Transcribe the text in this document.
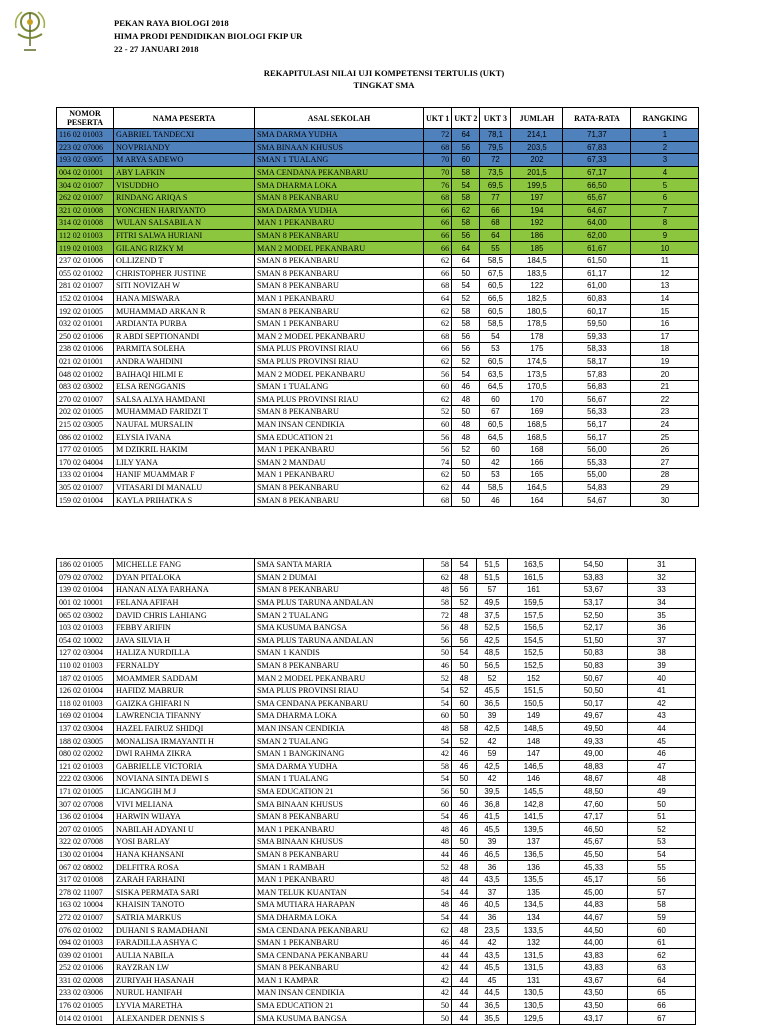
PEKAN RAYA BIOLOGI 2018
HIMA PRODI PENDIDIKAN BIOLOGI FKIP UR
22 - 27 JANUARI 2018
REKAPITULASI NILAI UJI KOMPETENSI TERTULIS (UKT)
TINGKAT SMA
NOMOR PESERTA	NAMA PESERTA	ASAL SEKOLAH	UKT 1	UKT 2	UKT 3	JUMLAH	RATA-RATA	RANGKING
116 02 01003	GABRIEL TANDECXI	SMA DARMA YUDHA	72	64	78,1	214,1	71,37	1
223 02 07006	NOVPRIANDY	SMA BINAAN KHUSUS	68	56	79,5	203,5	67,83	2
193 02 03005	M ARYA SADEWO	SMAN 1 TUALANG	70	60	72	202	67,33	3
004 02 01001	ABY LAFKIN	SMA CENDANA PEKANBARU	70	58	73,5	201,5	67,17	4
304 02 01007	VISUDDHO	SMA DHARMA LOKA	76	54	69,5	199,5	66,50	5
262 02 01007	RINDANG ARIQA S	SMAN 8 PEKANBARU	68	58	77	197	65,67	6
321 02 01008	YONCHEN HARIYANTO	SMA DARMA YUDHA	66	62	66	194	64,67	7
314 02 01008	WULAN SALSABILA N	MAN 1 PEKANBARU	66	58	68	192	64,00	8
112 02 01003	FITRI SALWA HURIANI	SMAN 8 PEKANBARU	66	56	64	186	62,00	9
119 02 01003	GILANG RIZKY M	MAN 2 MODEL PEKANBARU	66	64	55	185	61,67	10
237 02 01006	OLLIZEND T	SMAN 8 PEKANBARU	62	64	58,5	184,5	61,50	11
055 02 01002	CHRISTOPHER JUSTINE	SMAN 8 PEKANBARU	66	50	67,5	183,5	61,17	12
281 02 01007	SITI NOVIZAH W	SMAN 8 PEKANBARU	68	54	60,5	122	61,00	13
152 02 01004	HANA MISWARA	MAN 1 PEKANBARU	64	52	66,5	182,5	60,83	14
192 02 01005	MUHAMMAD ARKAN R	SMAN 8 PEKANBARU	62	58	60,5	180,5	60,17	15
032 02 01001	ARDIANTA PURBA	SMAN 1 PEKANBARU	62	58	58,5	178,5	59,50	16
250 02 01006	R ABDI SEPTIONANDI	MAN 2 MODEL PEKANBARU	68	56	54	178	59,33	17
238 02 01006	PARMITA SOLEHA	SMA PLUS PROVINSI RIAU	66	56	53	175	58,33	18
021 02 01001	ANDRA WAHDINI	SMA PLUS PROVINSI RIAU	62	52	60,5	174,5	58,17	19
048 02 01002	BAIHAQI HILMI E	MAN 2 MODEL PEKANBARU	56	54	63,5	173,5	57,83	20
083 02 03002	ELSA RENGGANIS	SMAN 1 TUALANG	60	46	64,5	170,5	56,83	21
270 02 01007	SALSA ALYA HAMDANI	SMA PLUS PROVINSI RIAU	62	48	60	170	56,67	22
202 02 01005	MUHAMMAD FARIDZI T	SMAN 8 PEKANBARU	52	50	67	169	56,33	23
215 02 03005	NAUFAL MURSALIN	MAN INSAN CENDIKIA	60	48	60,5	168,5	56,17	24
086 02 01002	ELYSIA IVANA	SMA EDUCATION 21	56	48	64,5	168,5	56,17	25
177 02 01005	M DZIKRIL HAKIM	MAN 1 PEKANBARU	56	52	60	168	56,00	26
170 02 04004	LILY YANA	SMAN 2 MANDAU	74	50	42	166	55,33	27
133 02 01004	HANIF MUAMMAR F	MAN 1 PEKANBARU	62	50	53	165	55,00	28
305 02 01007	VITASARI DI MANALU	SMAN 8 PEKANBARU	62	44	58,5	164,5	54,83	29
159 02 01004	KAYLA PRIHATKA S	SMAN 8 PEKANBARU	68	50	46	164	54,67	30
186 02 01005	MICHELLE FANG	SMA SANTA MARIA	58	54	51,5	163,5	54,50	31
079 02 07002	DYAN PITALOKA	SMAN 2 DUMAI	62	48	51,5	161,5	53,83	32
139 02 01004	HANAN ALYA FARHANA	SMAN 8 PEKANBARU	48	56	57	161	53,67	33
001 02 10001	FELANA AFIFAH	SMA PLUS TARUNA ANDALAN	58	52	49,5	159,5	53,17	34
065 02 03002	DAVID CHRIS LAHIANG	SMAN 2 TUALANG	72	48	37,5	157,5	52,50	35
103 02 01003	FEBBY ARIFIN	SMA KUSUMA BANGSA	56	48	52,5	156,5	52,17	36
054 02 10002	JAVA SILVIA H	SMA PLUS TARUNA ANDALAN	56	56	42,5	154,5	51,50	37
127 02 03004	HALIZA NURDILLA	SMAN 1 KANDIS	50	54	48,5	152,5	50,83	38
110 02 01003	FERNALDY	SMAN 8 PEKANBARU	46	50	56,5	152,5	50,83	39
187 02 01005	MOAMMER SADDAM	MAN 2 MODEL PEKANBARU	52	48	52	152	50,67	40
126 02 01004	HAFIDZ MABRUR	SMA PLUS PROVINSI RIAU	54	52	45,5	151,5	50,50	41
118 02 01003	GAIZKA GHIFARI N	SMA CENDANA PEKANBARU	54	60	36,5	150,5	50,17	42
169 02 01004	LAWRENCIA TIFANNY	SMA DHARMA LOKA	60	50	39	149	49,67	43
137 02 03004	HAZEL FAIRUZ SHIDQI	MAN INSAN CENDIKIA	48	58	42,5	148,5	49,50	44
188 02 03005	MONALISA IRMAYANTI H	SMAN 2 TUALANG	54	52	42	148	49,33	45
080 02 02002	DWI RAHMA ZIKRA	SMAN 1 BANGKINANG	42	46	59	147	49,00	46
121 02 01003	GABRIELLE VICTORIA	SMA DARMA YUDHA	58	46	42,5	146,5	48,83	47
222 02 03006	NOVIANA SINTA DEWI S	SMAN 1 TUALANG	54	50	42	146	48,67	48
171 02 01005	LICANGGIH M J	SMA EDUCATION 21	56	50	39,5	145,5	48,50	49
307 02 07008	VIVI MELIANA	SMA BINAAN KHUSUS	60	46	36,8	142,8	47,60	50
136 02 01004	HARWIN WIJAYA	SMAN 8 PEKANBARU	54	46	41,5	141,5	47,17	51
207 02 01005	NABILAH ADYANI U	MAN 1 PEKANBARU	48	46	45,5	139,5	46,50	52
322 02 07008	YOSI BARLAY	SMA BINAAN KHUSUS	48	50	39	137	45,67	53
130 02 01004	HANA KHANSANI	SMAN 8 PEKANBARU	44	46	46,5	136,5	45,50	54
067 02 08002	DELFITRA ROSA	SMAN 1 RAMBAH	52	48	36	136	45,33	55
317 02 01008	ZARAH FARHAINI	MAN 1 PEKANBARU	48	44	43,5	135,5	45,17	56
278 02 11007	SISKA PERMATA SARI	MAN TELUK KUANTAN	54	44	37	135	45,00	57
163 02 10004	KHAISIN TANOTO	SMA MUTIARA HARAPAN	48	46	40,5	134,5	44,83	58
272 02 01007	SATRIA MARKUS	SMA DHARMA LOKA	54	44	36	134	44,67	59
076 02 01002	DUHANI S RAMADHANI	SMA CENDANA PEKANBARU	62	48	23,5	133,5	44,50	60
094 02 01003	FARADILLA ASHYA C	SMAN 1 PEKANBARU	46	44	42	132	44,00	61
039 02 01001	AULIA NABILA	SMA CENDANA PEKANBARU	44	44	43,5	131,5	43,83	62
252 02 01006	RAYZRAN LW	SMAN 8 PEKANBARU	42	44	45,5	131,5	43,83	63
331 02 02008	ZURIYAH HASANAH	MAN 1 KAMPAR	42	44	45	131	43,67	64
233 02 03006	NURUL HANIFAH	MAN INSAN CENDIKIA	42	44	44,5	130,5	43,50	65
176 02 01005	LYVIA MARETHA	SMA EDUCATION 21	50	44	36,5	130,5	43,50	66
014 02 01001	ALEXANDER DENNIS S	SMA KUSUMA BANGSA	50	44	35,5	129,5	43,17	67
